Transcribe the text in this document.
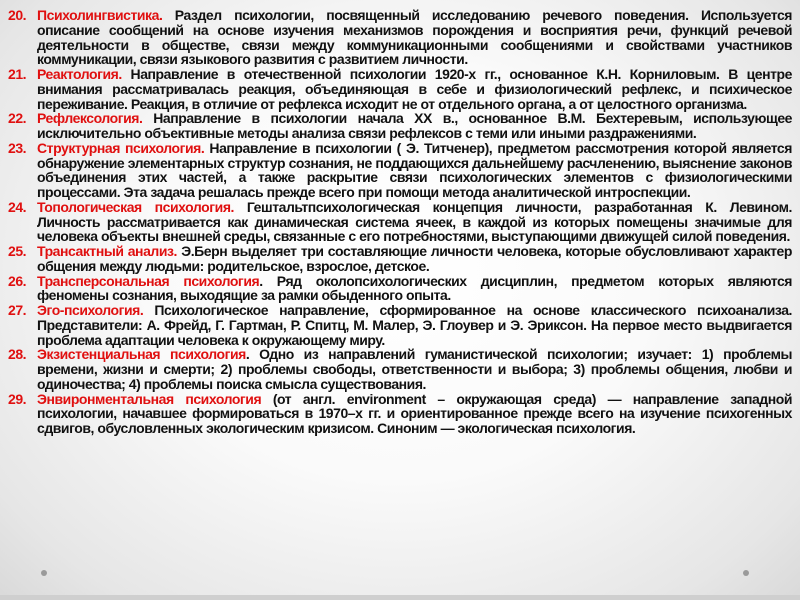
20. Психолингвистика. Раздел психологии, посвященный исследованию речевого поведения. Используется описание сообщений на основе изучения механизмов порождения и восприятия речи, функций речевой деятельности в обществе, связи между коммуникационными сообщениями и свойствами участников коммуникации, связи языкового развития с развитием личности.
21. Реактология. Направление в отечественной психологии 1920-х гг., основанное К.Н. Корниловым. В центре внимания рассматривалась реакция, объединяющая в себе и физиологический рефлекс, и психическое переживание. Реакция, в отличие от рефлекса исходит не от отдельного органа, а от целостного организма.
22. Рефлексология. Направление в психологии начала XX в., основанное В.М. Бехтеревым, использующее исключительно объективные методы анализа связи рефлексов с теми или иными раздражениями.
23. Структурная психология. Направление в психологии ( Э. Титченер), предметом рассмотрения которой является обнаружение элементарных структур сознания, не поддающихся дальнейшему расчленению, выяснение законов объединения этих частей, а также раскрытие связи психологических элементов с физиологическими процессами. Эта задача решалась прежде всего при помощи метода аналитической интроспекции.
24. Топологическая психология. Гештальтпсихологическая концепция личности, разработанная К. Левином. Личность рассматривается как динамическая система ячеек, в каждой из которых помещены значимые для человека объекты внешней среды, связанные с его потребностями, выступающими движущей силой поведения.
25. Трансактный анализ. Э.Берн выделяет три составляющие личности человека, которые обусловливают характер общения между людьми: родительское, взрослое, детское.
26. Трансперсональная психология. Ряд околопсихологических дисциплин, предметом которых являются феномены сознания, выходящие за рамки обыденного опыта.
27. Эго-психология. Психологическое направление, сформированное на основе классического психоанализа. Представители: А. Фрейд, Г. Гартман, Р. Спитц, М. Малер, Э. Глоувер и Э. Эриксон. На первое место выдвигается проблема адаптации человека к окружающему миру.
28. Экзистенциальная психология. Одно из направлений гуманистической психологии; изучает: 1) проблемы времени, жизни и смерти; 2) проблемы свободы, ответственности и выбора; 3) проблемы общения, любви и одиночества; 4) проблемы поиска смысла существования.
29. Энвиронментальная психология (от англ. environment – окружающая среда) — направление западной психологии, начавшее формироваться в 1970–х гг. и ориентированное прежде всего на изучение психогенных сдвигов, обусловленных экологическим кризисом. Синоним — экологическая психология.
